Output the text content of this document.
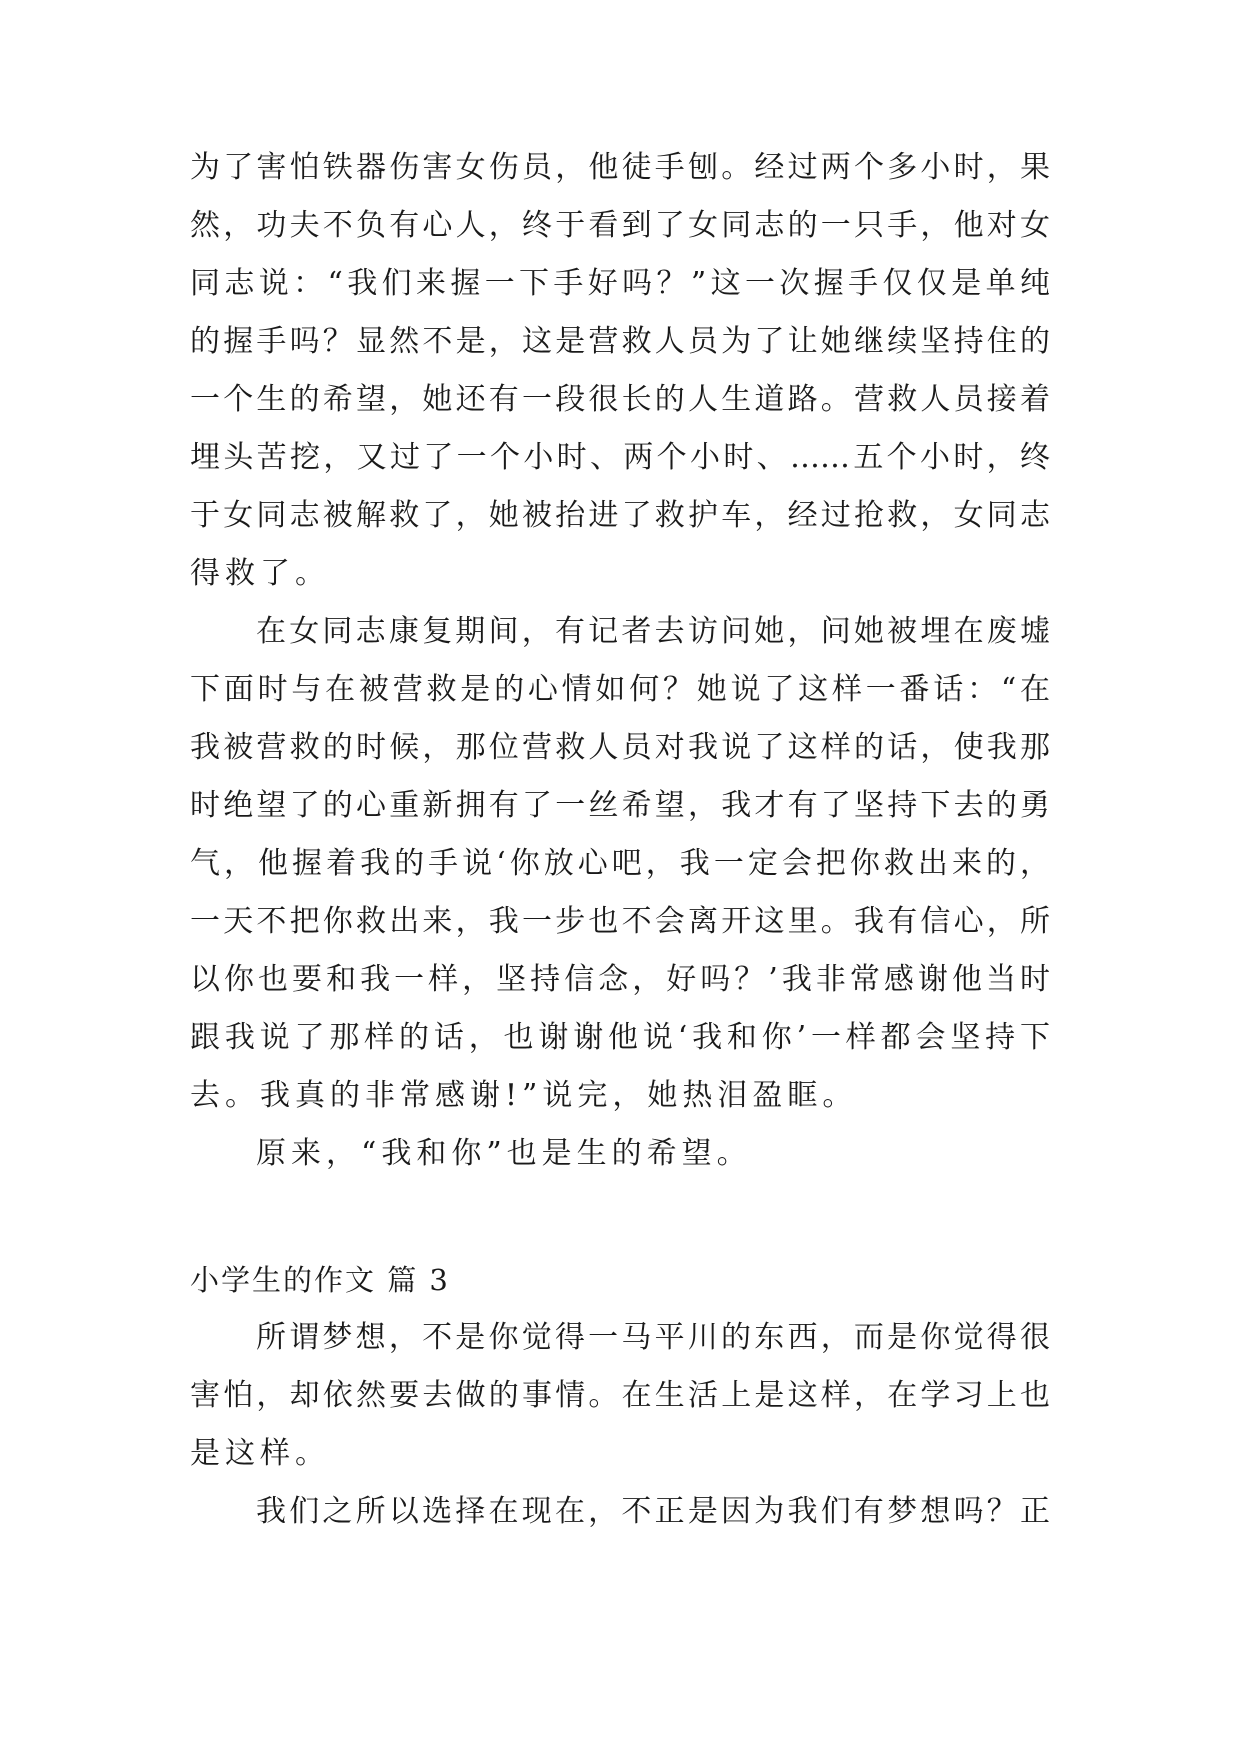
为了害怕铁器伤害女伤员，他徒手刨。经过两个多小时，果
然，功夫不负有心人，终于看到了女同志的一只手，他对女
同志说：“我们来握一下手好吗？”这一次握手仅仅是单纯
的握手吗？显然不是，这是营救人员为了让她继续坚持住的
一个生的希望，她还有一段很长的人生道路。营救人员接着
埋头苦挖，又过了一个小时、两个小时、……五个小时，终
于女同志被解救了，她被抬进了救护车，经过抢救，女同志
得救了。
在女同志康复期间，有记者去访问她，问她被埋在废墟
下面时与在被营救是的心情如何？她说了这样一番话：“在
我被营救的时候，那位营救人员对我说了这样的话，使我那
时绝望了的心重新拥有了一丝希望，我才有了坚持下去的勇
气，他握着我的手说‘你放心吧，我一定会把你救出来的，
一天不把你救出来，我一步也不会离开这里。我有信心，所
以你也要和我一样，坚持信念，好吗？’我非常感谢他当时
跟我说了那样的话，也谢谢他说‘我和你’一样都会坚持下
去。我真的非常感谢!”说完，她热泪盈眶。
原来，“我和你”也是生的希望。
小学生的作文 篇 3
所谓梦想，不是你觉得一马平川的东西，而是你觉得很
害怕，却依然要去做的事情。在生活上是这样，在学习上也
是这样。
我们之所以选择在现在，不正是因为我们有梦想吗？正
